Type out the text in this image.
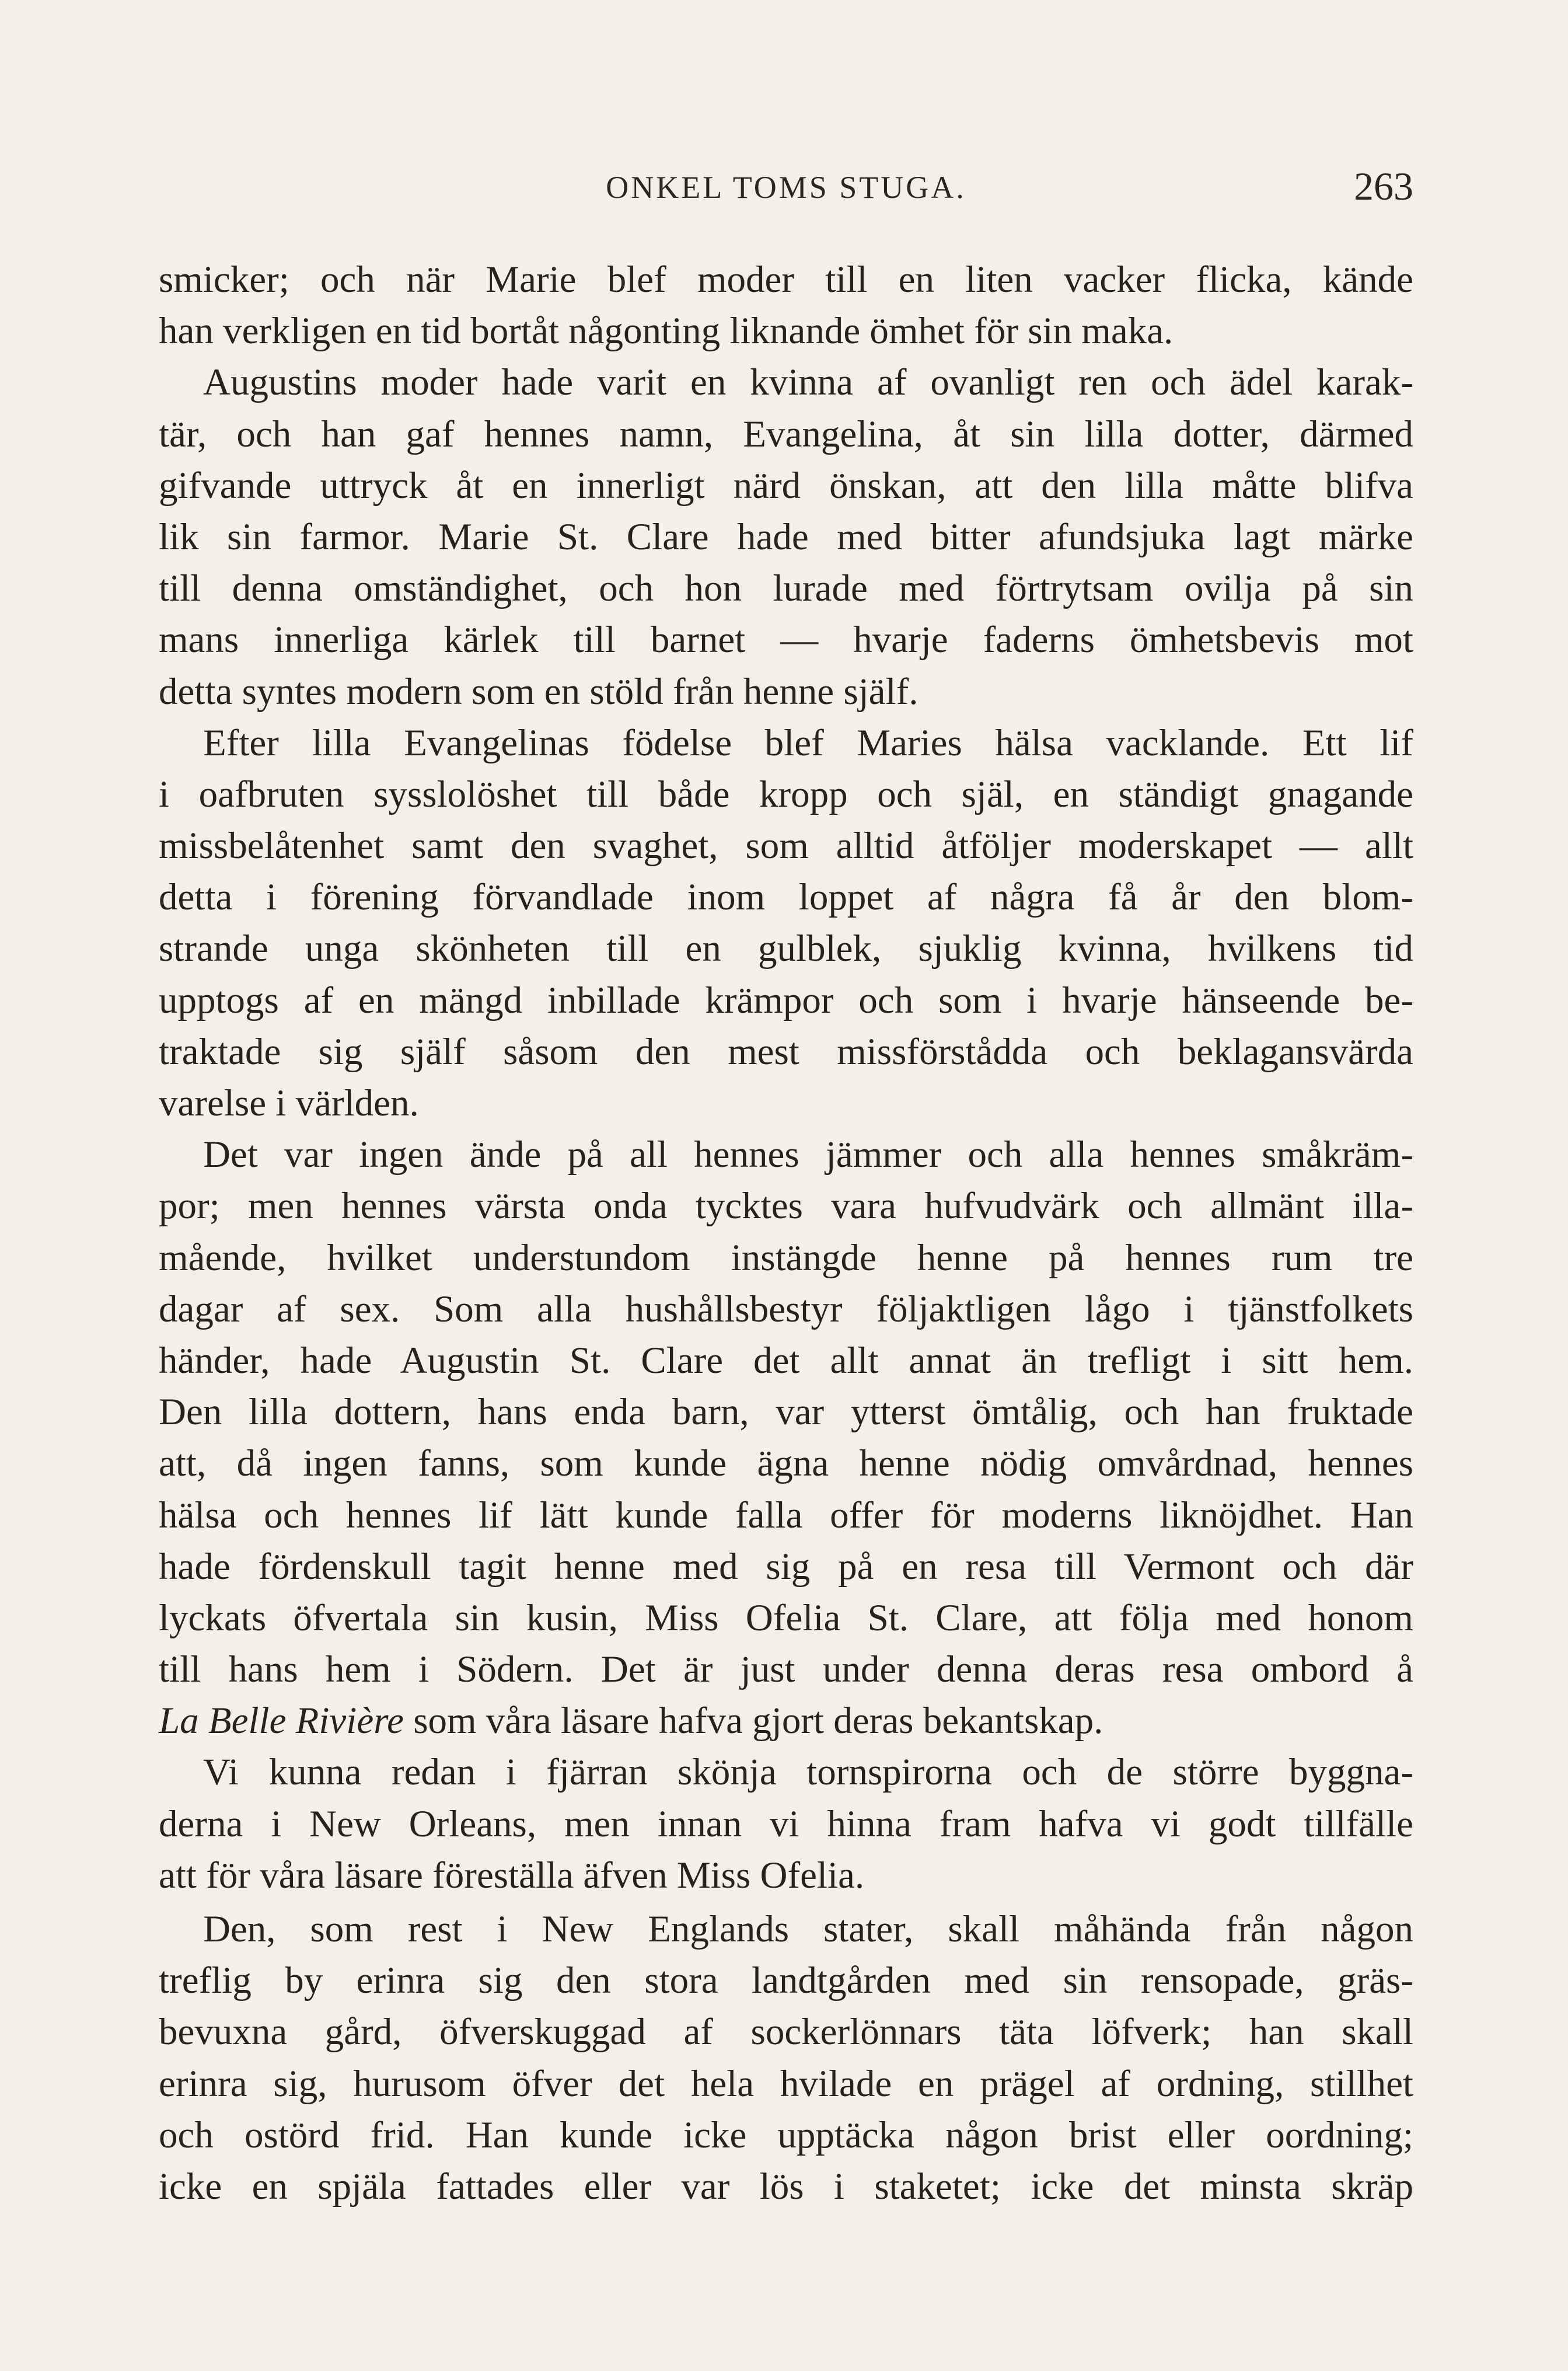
ONKEL TOMS STUGA.	263
smicker; och när Marie blef moder till en liten vacker flicka, kände
han verkligen en tid bortåt någonting liknande ömhet för sin maka.
Augustins moder hade varit en kvinna af ovanligt ren och ädel karak-
tär, och han gaf hennes namn, Evangelina, åt sin lilla dotter, därmed
gifvande uttryck åt en innerligt närd önskan, att den lilla måtte blifva
lik sin farmor. Marie St. Clare hade med bitter afundsjuka lagt märke
till denna omständighet, och hon lurade med förtrytsam ovilja på sin
mans innerliga kärlek till barnet — hvarje faderns ömhetsbevis mot
detta syntes modern som en stöld från henne själf.
Efter lilla Evangelinas födelse blef Maries hälsa vacklande. Ett lif
i oafbruten sysslolöshet till både kropp och själ, en ständigt gnagande
missbelåtenhet samt den svaghet, som alltid åtföljer moderskapet — allt
detta i förening förvandlade inom loppet af några få år den blom-
strande unga skönheten till en gulblek, sjuklig kvinna, hvilkens tid
upptogs af en mängd inbillade krämpor och som i hvarje hänseende be-
traktade sig själf såsom den mest missförstådda och beklagansvärda
varelse i världen.
Det var ingen ände på all hennes jämmer och alla hennes småkräm-
por; men hennes värsta onda tycktes vara hufvudvärk och allmänt illa-
mående, hvilket understundom instängde henne på hennes rum tre
dagar af sex. Som alla hushållsbestyr följaktligen lågo i tjänstfolkets
händer, hade Augustin St. Clare det allt annat än trefligt i sitt hem.
Den lilla dottern, hans enda barn, var ytterst ömtålig, och han fruktade
att, då ingen fanns, som kunde ägna henne nödig omvårdnad, hennes
hälsa och hennes lif lätt kunde falla offer för moderns liknöjdhet. Han
hade fördenskull tagit henne med sig på en resa till Vermont och där
lyckats öfvertala sin kusin, Miss Ofelia St. Clare, att följa med honom
till hans hem i Södern. Det är just under denna deras resa ombord å
La Belle Rivière som våra läsare hafva gjort deras bekantskap.
Vi kunna redan i fjärran skönja tornspirorna och de större byggna-
derna i New Orleans, men innan vi hinna fram hafva vi godt tillfälle
att för våra läsare föreställa äfven Miss Ofelia.
Den, som rest i New Englands stater, skall måhända från någon
treflig by erinra sig den stora landtgården med sin rensopade, gräs-
bevuxna gård, öfverskuggad af sockerlönnars täta löfverk; han skall
erinra sig, hurusom öfver det hela hvilade en prägel af ordning, stillhet
och ostörd frid. Han kunde icke upptäcka någon brist eller oordning;
icke en spjäla fattades eller var lös i staketet; icke det minsta skräp
